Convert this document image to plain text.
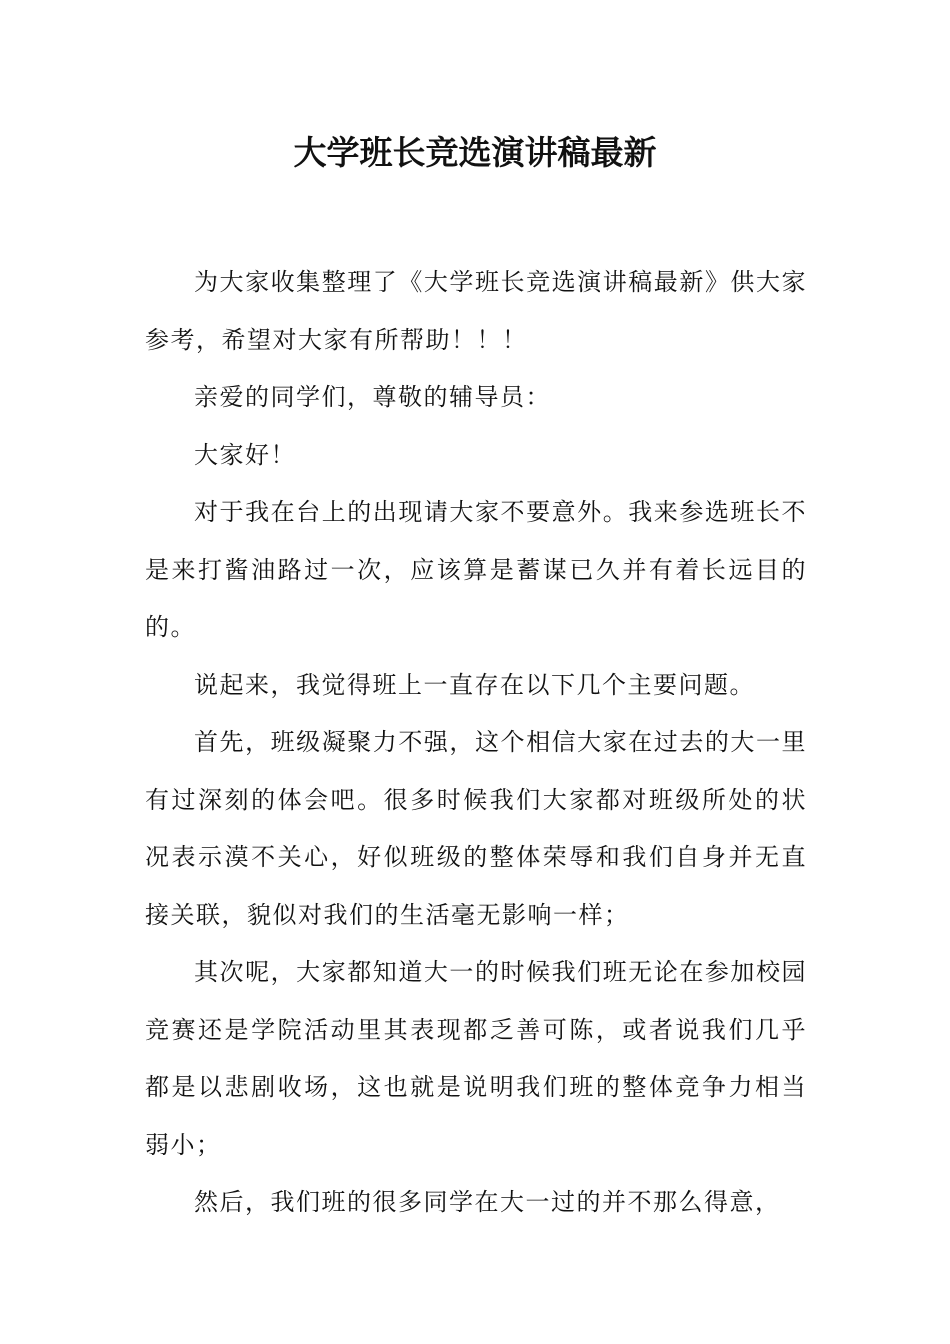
大学班长竞选演讲稿最新

为大家收集整理了《大学班长竞选演讲稿最新》供大家参考，希望对大家有所帮助！！！

亲爱的同学们，尊敬的辅导员：

大家好！

对于我在台上的出现请大家不要意外。我来参选班长不是来打酱油路过一次，应该算是蓄谋已久并有着长远目的的。

说起来，我觉得班上一直存在以下几个主要问题。

首先，班级凝聚力不强，这个相信大家在过去的大一里有过深刻的体会吧。很多时候我们大家都对班级所处的状况表示漠不关心，好似班级的整体荣辱和我们自身并无直接关联，貌似对我们的生活毫无影响一样；

其次呢，大家都知道大一的时候我们班无论在参加校园竞赛还是学院活动里其表现都乏善可陈，或者说我们几乎都是以悲剧收场，这也就是说明我们班的整体竞争力相当弱小；

然后，我们班的很多同学在大一过的并不那么得意，
